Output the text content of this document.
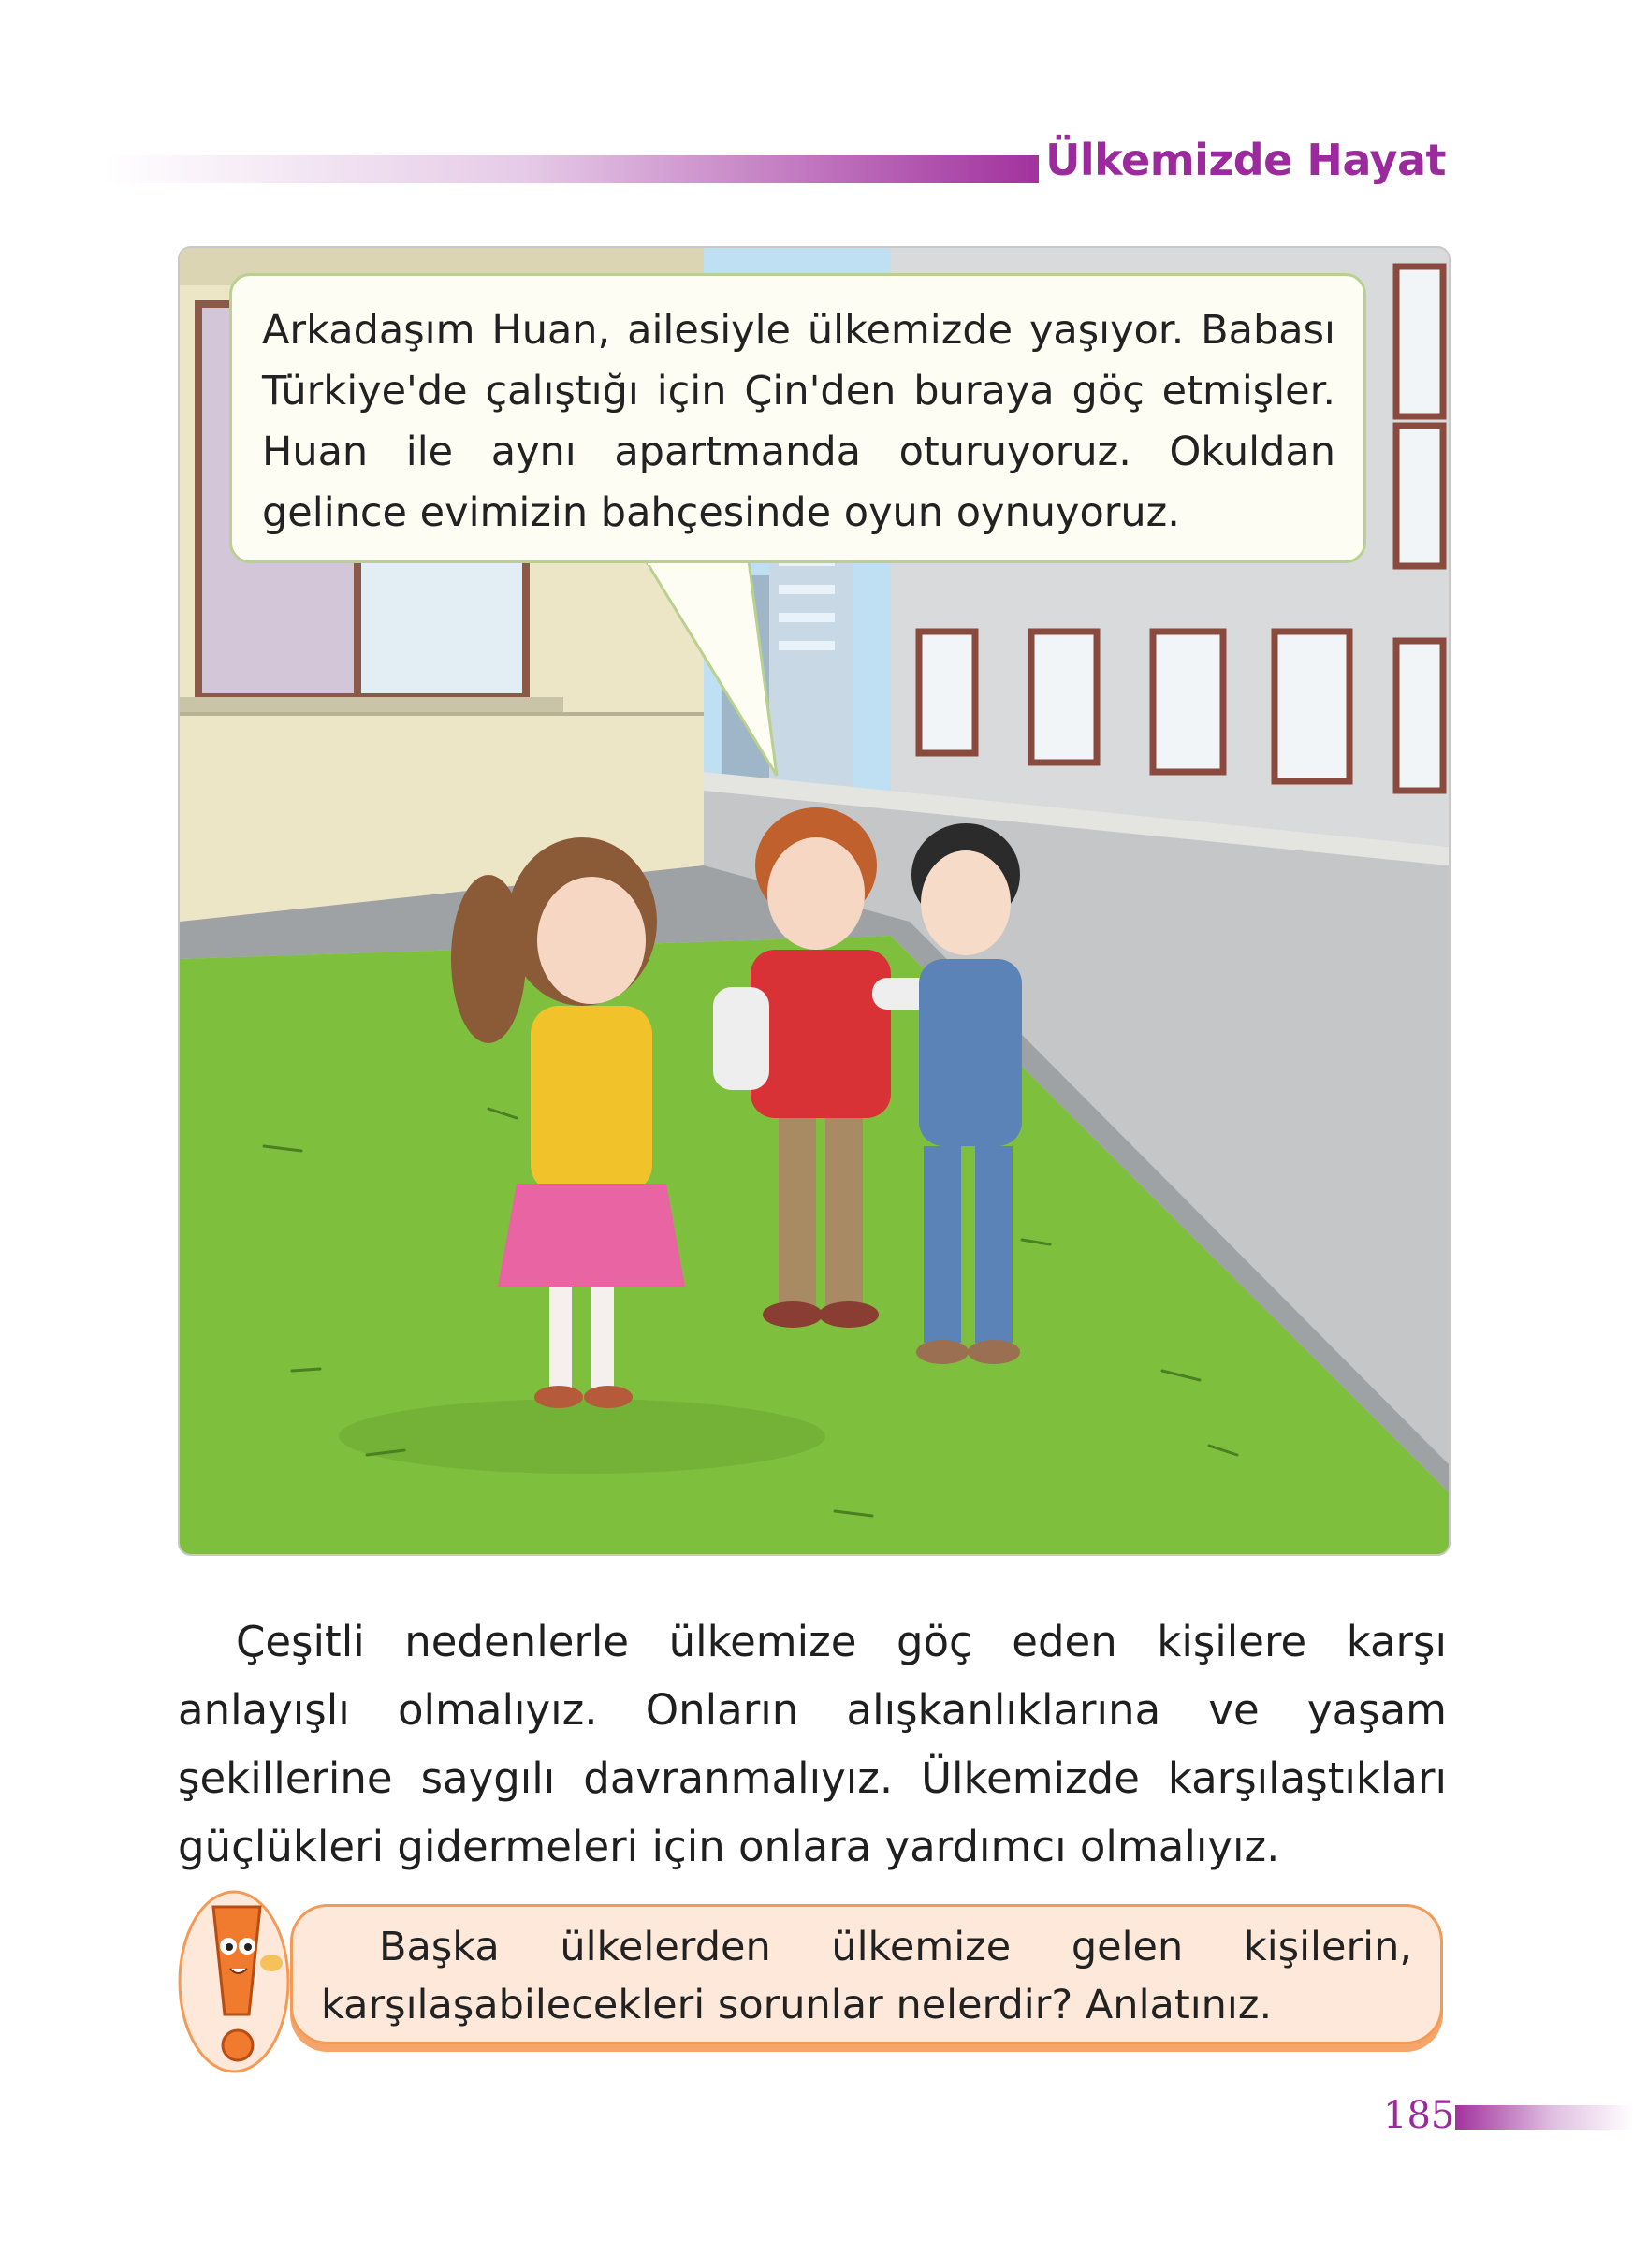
Ülkemizde Hayat

Arkadaşım Huan, ailesiyle ülkemizde yaşıyor. Babası Türkiye'de çalıştığı için Çin'den buraya göç etmişler. Huan ile aynı apartmanda oturuyoruz. Okuldan gelince evimizin bahçesinde oyun oynuyoruz.

Çeşitli nedenlerle ülkemize göç eden kişilere karşı anlayışlı olmalıyız. Onların alışkanlıklarına ve yaşam şekillerine saygılı davranmalıyız. Ülkemizde karşılaştıkları güçlükleri gidermeleri için onlara yardımcı olmalıyız.

Başka ülkelerden ülkemize gelen kişilerin, karşılaşabilecekleri sorunlar nelerdir? Anlatınız.

185
